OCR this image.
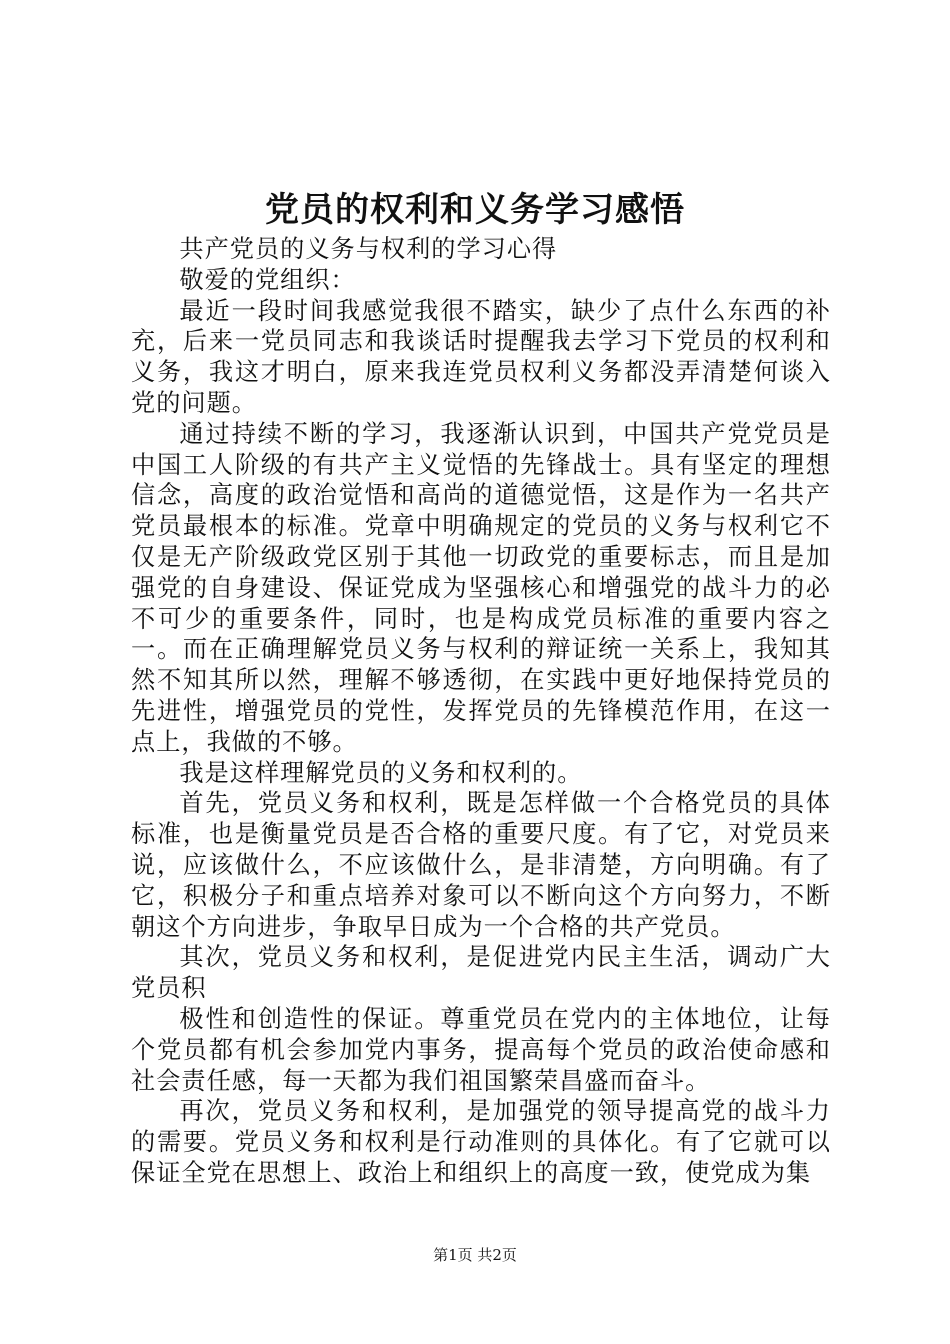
党员的权利和义务学习感悟

共产党员的义务与权利的学习心得

敬爱的党组织：

最近一段时间我感觉我很不踏实，缺少了点什么东西的补充，后来一党员同志和我谈话时提醒我去学习下党员的权利和义务，我这才明白，原来我连党员权利义务都没弄清楚何谈入党的问题。

通过持续不断的学习，我逐渐认识到，中国共产党党员是中国工人阶级的有共产主义觉悟的先锋战士。具有坚定的理想信念，高度的政治觉悟和高尚的道德觉悟，这是作为一名共产党员最根本的标准。党章中明确规定的党员的义务与权利它不仅是无产阶级政党区别于其他一切政党的重要标志，而且是加强党的自身建设、保证党成为坚强核心和增强党的战斗力的必不可少的重要条件，同时，也是构成党员标准的重要内容之一。而在正确理解党员义务与权利的辩证统一关系上，我知其然不知其所以然，理解不够透彻，在实践中更好地保持党员的先进性，增强党员的党性，发挥党员的先锋模范作用，在这一点上，我做的不够。

我是这样理解党员的义务和权利的。

首先，党员义务和权利，既是怎样做一个合格党员的具体标准，也是衡量党员是否合格的重要尺度。有了它，对党员来说，应该做什么，不应该做什么，是非清楚，方向明确。有了它，积极分子和重点培养对象可以不断向这个方向努力，不断朝这个方向进步，争取早日成为一个合格的共产党员。

其次，党员义务和权利，是促进党内民主生活，调动广大党员积

极性和创造性的保证。尊重党员在党内的主体地位，让每个党员都有机会参加党内事务，提高每个党员的政治使命感和社会责任感，每一天都为我们祖国繁荣昌盛而奋斗。

再次，党员义务和权利，是加强党的领导提高党的战斗力的需要。党员义务和权利是行动准则的具体化。有了它就可以保证全党在思想上、政治上和组织上的高度一致，使党成为集

第1页 共2页
